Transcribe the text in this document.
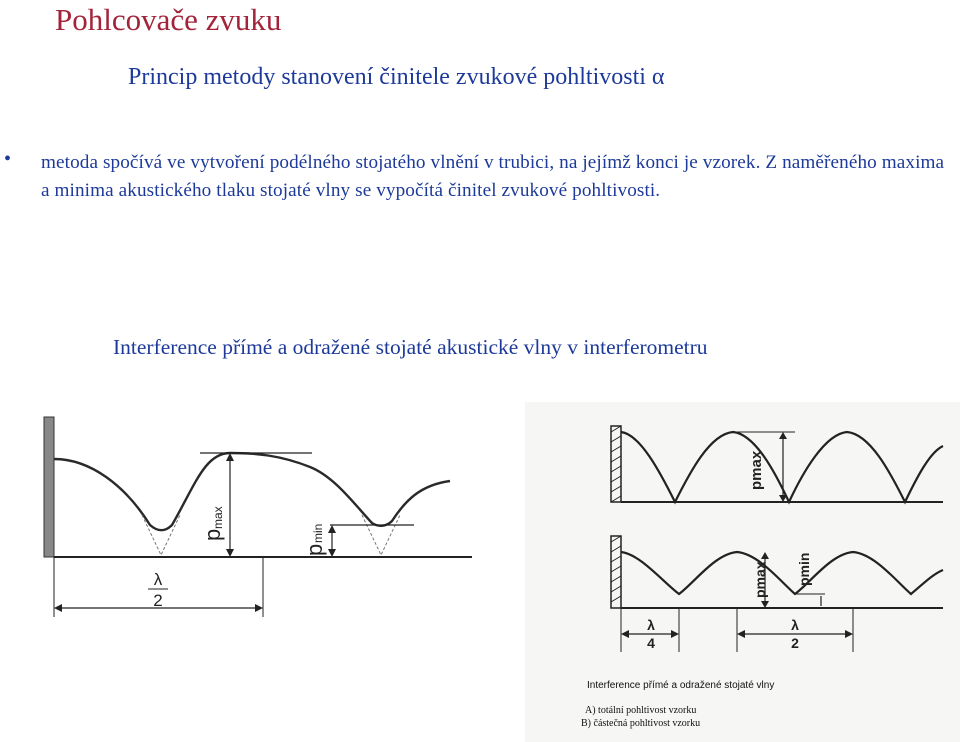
Pohlcovače zvuku
Princip metody stanovení činitele zvukové pohltivosti α
• metoda spočívá ve vytvoření podélného stojatého vlnění v trubici, na jejímž konci je vzorek. Z naměřeného maxima a minima akustického tlaku stojaté vlny se vypočítá činitel zvukové pohltivosti.
Interference přímé a odražené stojaté akustické vlny v interferometru
p
max
p
min
λ
2
pmax
pmax pmin
λ
4
λ
2
Interference přímé a odražené stojaté vlny
A) totální pohltivost vzorku
B) částečná pohltivost vzorku
